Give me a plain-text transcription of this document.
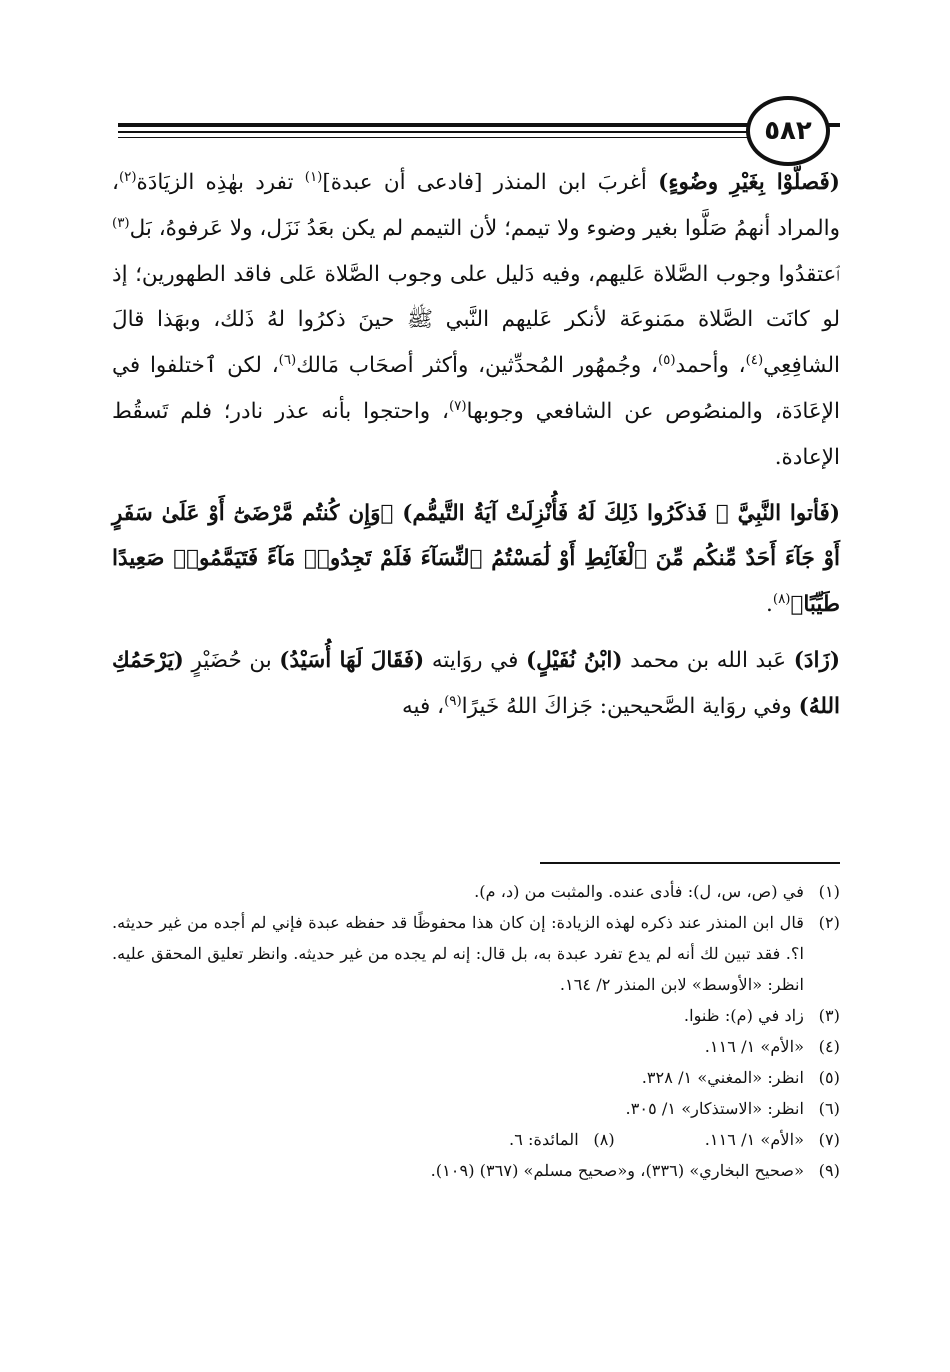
٥٨٢

(فَصلَّوْا بِغَيْرِ وضُوءٍ) أغربَ ابن المنذر [فادعى أن عبدة]$^{(١)}$ تفرد بهٰذِه الزيَادَة$^{(٢)}$، والمراد أنهمُ صَلَّوا بغير وضوء ولا تيمم؛ لأن التيمم لم يكن بعَدُ نَزَل، ولا عَرفوهُ، بَل$^{(٣)}$ ٱعتقدُوا وجوب الصَّلاة عَليهم، وفيه دَليل على وجوب الصَّلاة عَلى فاقد الطهورين؛ إذ لو كانَت الصَّلاة ممَنوعَة لأنكر عَليهم النَّبي ﷺ حينَ ذكرُوا لهُ ذَلك، وبهَذا قالَ الشافِعِي$^{(٤)}$، وأحمد$^{(٥)}$، وجُمهُور المُحدِّثين، وأكثر أصحَاب مَالك$^{(٦)}$، لكن ٱختلفوا في الإعَادَة، والمنصُوص عن الشافعي وجوبها$^{(٧)}$، واحتجوا بأنه عذر نادر؛ فلم تَسقُط الإعادة.

(فَأتوا النَّبِيَّ ﷺ فَذكَرُوا ذَلِكَ لَهُ فَأُنْزِلَتْ آيَةُ التَّيمُّم) ﴿وَإِن كُنتُم مَّرْضَىٰٓ أَوْ عَلَىٰ سَفَرٍ أَوْ جَآءَ أَحَدٌ مِّنكُم مِّنَ ٱلْغَآئِطِ أَوْ لَٰمَسْتُمُ ٱلنِّسَآءَ فَلَمْ تَجِدُوا۟ مَآءً فَتَيَمَّمُوا۟ صَعِيدًا طَيِّبًا﴾$^{(٨)}$.

(زَادَ) عَبد الله بن محمد (ابْنُ نُفَيْلٍ) في روَايته (فَقَالَ لَهَا أُسَيْدُ) بن حُضَيْرٍ (يَرْحَمُكِ اللهُ) وفي روَاية الصَّحيحين: جَزاكَ اللهُ خَيرًا$^{(٩)}$، فيه

(١)
في (ص، س، ل): فأدى عنده. والمثبت من (د، م).
(٢)
قال ابن المنذر عند ذكره لهذه الزيادة: إن كان هذا محفوظًا قد حفظه عبدة فإني لم أجده من غير حديثه. ا؟. فقد تبين لك أنه لم يدع تفرد عبدة به، بل قال: إنه لم يجده من غير حديثه. وانظر تعليق المحقق عليه. انظر: «الأوسط» لابن المنذر ٢/ ١٦٤.
(٣)
زاد في (م): ظنوا.
(٤)
«الأم» ١/ ١١٦.
(٥)
انظر: «المغني» ١/ ٣٢٨.
(٦)
انظر: «الاستذكار» ١/ ٣٠٥.
(٧)
«الأم» ١/ ١١٦.
(٨)
المائدة: ٦.
(٩)
«صحيح البخاري» (٣٣٦)، و«صحيح مسلم» (٣٦٧) (١٠٩).
